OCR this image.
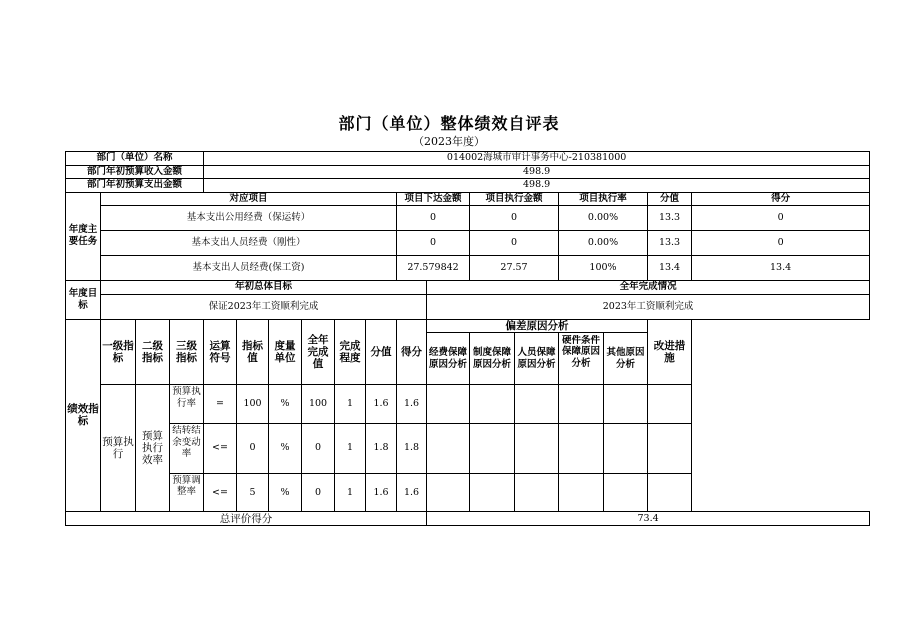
部门（单位）整体绩效自评表
（2023年度）
部门（单位）名称				014002海城市审计事务中心-210381000													
部门年初预算收入金额				498.9													
部门年初预算支出金额				498.9													
年度主要任务	对应项目									项目下达金额		项目执行金额		项目执行率		分值	得分
	基本支出公用经费（保运转）									0		0		0.00%		13.3	0
	基本支出人员经费（刚性）									0		0		0.00%		13.3	0
	基本支出人员经费(保工资)									27.579842		27.57		100%		13.4	13.4
年度目标	年初总体目标										全年完成情况						
	保证2023年工资顺利完成										2023年工资顺利完成						
绩效指标	一级指标	二级指标	三级指标	运算符号	指标值	度量单位	全年完成值	完成程度	分值	得分	偏差原因分析					改进措施	
											经费保障原因分析	制度保障原因分析	人员保障原因分析	硬件条件保障原因分析	其他原因分析		
	预算执行	预算执行效率	预算执行率	=	100	%	100	1	1.6	1.6							

			结转结余变动率	<=	0	%	0	1	1.8	1.8							

			预算调整率	<=	5	%	0	1	1.6	1.6							
总评价得分											73.4						
